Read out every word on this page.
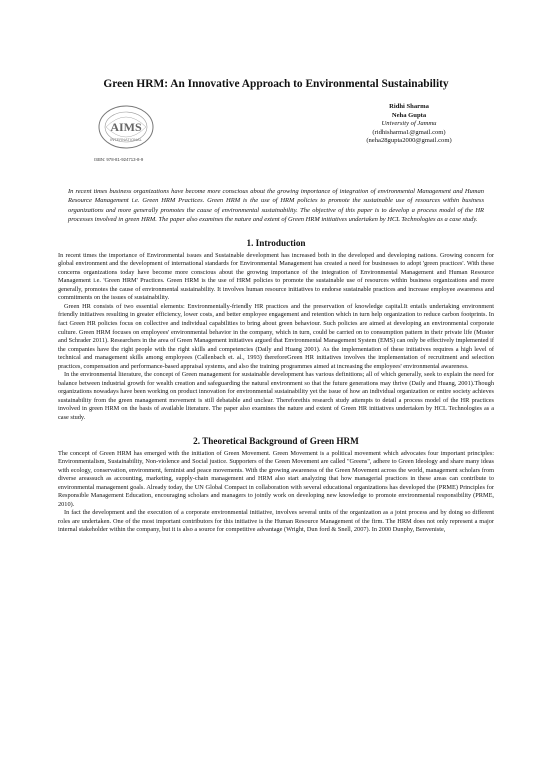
Green HRM: An Innovative Approach to Environmental Sustainability
AIMS
INTERNATIONAL
ISBN: 978-81-924713-8-9
Ridhi Sharma
Neha Gupta
University of Jammu
(ridhisharma1@gmail.com)
(neha28gupta2000@gmail.com)

In recent times business organizations have become more conscious about the growing importance of integration of environmental Management and Human Resource Management i.e. Green HRM Practices. Green HRM is the use of HRM policies to promote the sustainable use of resources within business organizations and more generally promotes the cause of environmental sustainability. The objective of this paper is to develop a process model of the HR processes involved in green HRM. The paper also examines the nature and extent of Green HRM initiatives undertaken by HCL Technologies as a case study.

1. Introduction

In recent times the importance of Environmental issues and Sustainable development has increased both in the developed and developing nations. Growing concern for global environment and the development of international standards for Environmental Management has created a need for businesses to adopt 'green practices'. With these concerns organizations today have become more conscious about the growing importance of the integration of Environmental Management and Human Resource Management i.e. 'Green HRM' Practices. Green HRM is the use of HRM policies to promote the sustainable use of resources within business organizations and more generally, promotes the cause of environmental sustainability. It involves human resource initiatives to endorse sustainable practices and increase employee awareness and commitments on the issues of sustainability.

Green HR consists of two essential elements: Environmentally-friendly HR practices and the preservation of knowledge capital.It entails undertaking environment friendly initiatives resulting in greater efficiency, lower costs, and better employee engagement and retention which in turn help organization to reduce carbon footprints. In fact Green HR policies focus on collective and individual capabilities to bring about green behaviour. Such policies are aimed at developing an environmental corporate culture. Green HRM focuses on employees' environmental behavior in the company, which in turn, could be carried on to consumption pattern in their private life (Muster and Schrader 2011). Researchers in the area of Green Management initiatives argued that Environmental Management System (EMS) can only be effectively implemented if the companies have the right people with the right skills and competencies (Daily and Huang 2001). As the implementation of these initiatives requires a high level of technical and management skills among employees (Callenbach et. al., 1993) thereforeGreen HR initiatives involves the implementation of recruitment and selection practices, compensation and performance-based appraisal systems, and also the training programmes aimed at increasing the employees' environmental awareness.

In the environmental literature, the concept of Green management for sustainable development has various definitions; all of which generally, seek to explain the need for balance between industrial growth for wealth creation and safeguarding the natural environment so that the future generations may thrive (Daily and Huang, 2001).Though organizations nowadays have been working on product innovation for environmental sustainability yet the issue of how an individual organization or entire society achieves sustainability from the green management movement is still debatable and unclear. Thereforethis research study attempts to detail a process model of the HR practices involved in green HRM on the basis of available literature. The paper also examines the nature and extent of Green HR initiatives undertaken by HCL Technologies as a case study.

2. Theoretical Background of Green HRM

The concept of Green HRM has emerged with the initiation of Green Movement. Green Movement is a political movement which advocates four important principles: Environmentalism, Sustainability, Non-violence and Social justice. Supporters of the Green Movement are called "Greens", adhere to Green Ideology and share many ideas with ecology, conservation, environment, feminist and peace movements. With the growing awareness of the Green Movement across the world, management scholars from diverse areassuch as accounting, marketing, supply-chain management and HRM also start analyzing that how managerial practices in these areas can contribute to environmental management goals. Already today, the UN Global Compact in collaboration with several educational organizations has developed the (PRME) Principles for Responsible Management Education, encouraging scholars and managers to jointly work on developing new knowledge to promote environmental responsibility (PRME, 2010).

In fact the development and the execution of a corporate environmental initiative, involves several units of the organization as a joint process and by doing so different roles are undertaken. One of the most important contributors for this initiative is the Human Resource Management of the firm. The HRM does not only represent a major internal stakeholder within the company, but it is also a source for competitive advantage (Wright, Dun ford & Snell, 2007). In 2000 Dunphy, Benveniste,
